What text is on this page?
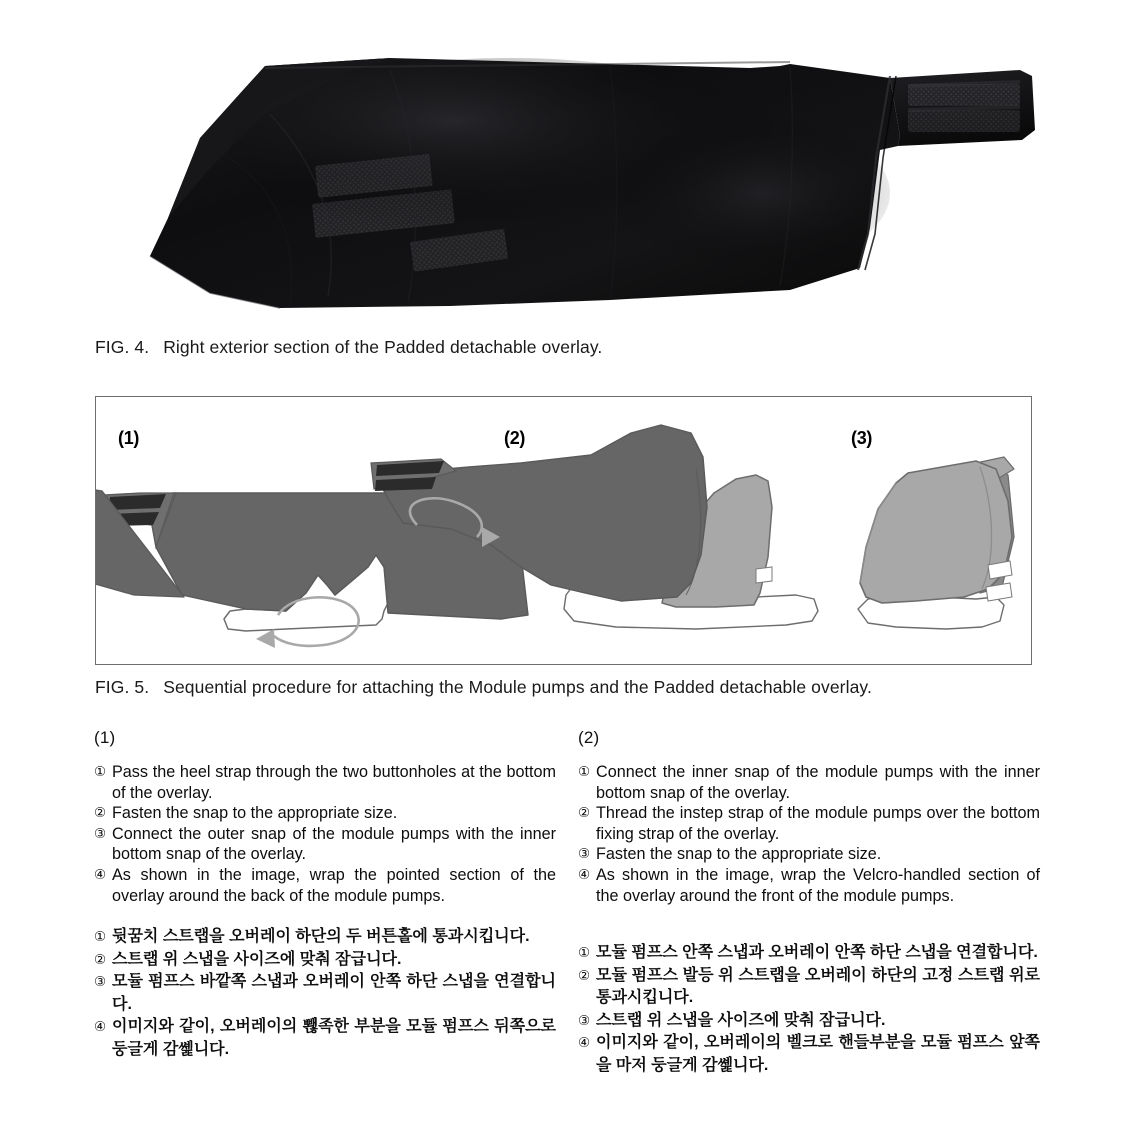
FIG. 4. Right exterior section of the Padded detachable overlay.
(1)	(2)	(3)
FIG. 5. Sequential procedure for attaching the Module pumps and the Padded detachable overlay.
(1)
① Pass the heel strap through the two buttonholes at the bottom of the overlay.
② Fasten the snap to the appropriate size.
③ Connect the outer snap of the module pumps with the inner bottom snap of the overlay.
④ As shown in the image, wrap the pointed section of the overlay around the back of the module pumps.
① 뒷꿈치 스트랩을 오버레이 하단의 두 버튼홀에 통과시킵니다.
② 스트랩 위 스냅을 사이즈에 맞춰 잠급니다.
③ 모듈 펌프스 바깥쪽 스냅과 오버레이 안쪽 하단 스냅을 연결합니다.
④ 이미지와 같이, 오버레이의 뽾족한 부분을 모듈 펌프스 뒤쪽으로 둥글게 감쏉니다.
(2)
① Connect the inner snap of the module pumps with the inner bottom snap of the overlay.
② Thread the instep strap of the module pumps over the bottom fixing strap of the overlay.
③ Fasten the snap to the appropriate size.
④ As shown in the image, wrap the Velcro-handled section of the overlay around the front of the module pumps.
① 모듈 펌프스 안쪽 스냅과 오버레이 안쪽 하단 스냅을 연결합니다.
② 모듈 펌프스 발등 위 스트랩을 오버레이 하단의 고정 스트랩 위로 통과시킵니다.
③ 스트랩 위 스냅을 사이즈에 맞춰 잠급니다.
④ 이미지와 같이, 오버레이의 벨크로 핸들부분을 모듈 펌프스 앞쪽을 마저 둥글게 감쏉니다.
